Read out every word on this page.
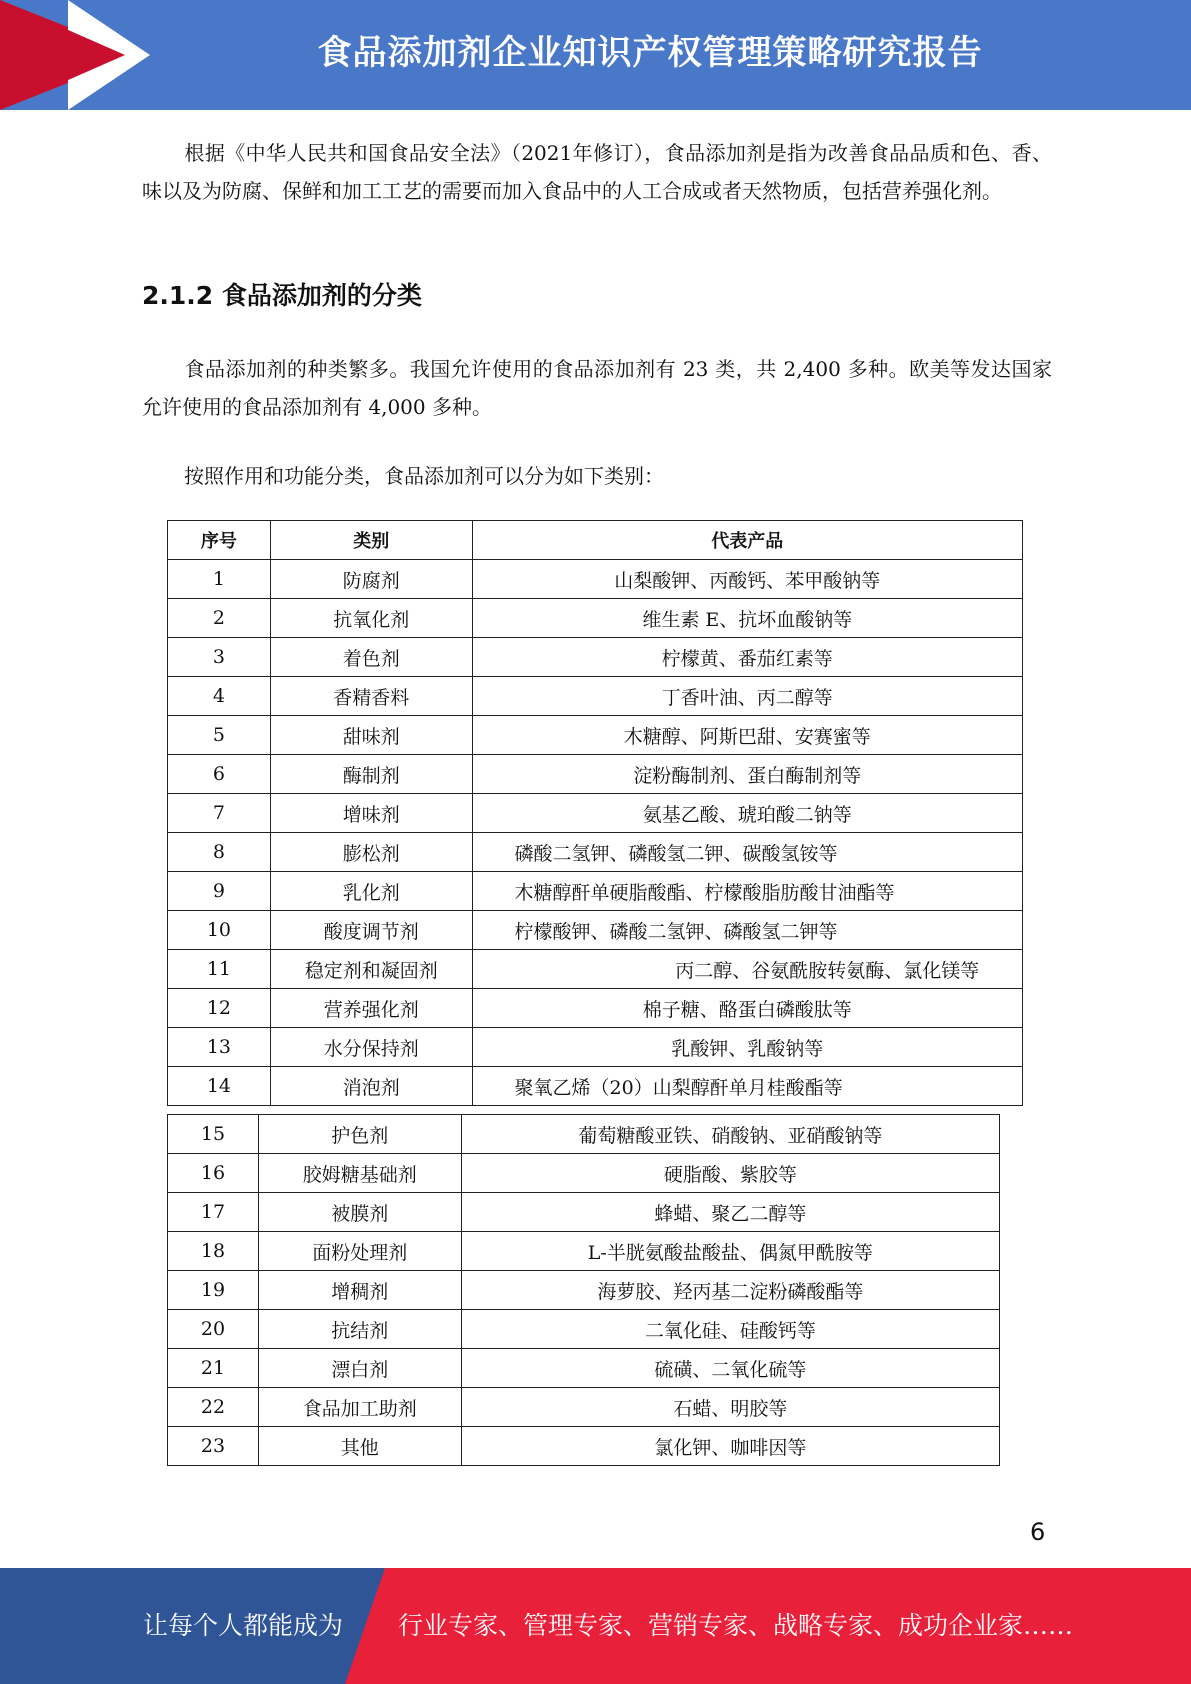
食品添加剂企业知识产权管理策略研究报告
根据《中华人民共和国食品安全法》（2021年修订），食品添加剂是指为改善食品品质和色、香、味以及为防腐、保鲜和加工工艺的需要而加入食品中的人工合成或者天然物质，包括营养强化剂。
2.1.2 食品添加剂的分类
食品添加剂的种类繁多。我国允许使用的食品添加剂有 23 类，共 2,400 多种。欧美等发达国家允许使用的食品添加剂有 4,000 多种。
按照作用和功能分类，食品添加剂可以分为如下类别：
序号	类别	代表产品
1	防腐剂	山梨酸钾、丙酸钙、苯甲酸钠等
2	抗氧化剂	维生素 E、抗坏血酸钠等
3	着色剂	柠檬黄、番茄红素等
4	香精香料	丁香叶油、丙二醇等
5	甜味剂	木糖醇、阿斯巴甜、安赛蜜等
6	酶制剂	淀粉酶制剂、蛋白酶制剂等
7	增味剂	氨基乙酸、琥珀酸二钠等
8	膨松剂	磷酸二氢钾、磷酸氢二钾、碳酸氢铵等
9	乳化剂	木糖醇酐单硬脂酸酯、柠檬酸脂肪酸甘油酯等
10	酸度调节剂	柠檬酸钾、磷酸二氢钾、磷酸氢二钾等
11	稳定剂和凝固剂	丙二醇、谷氨酰胺转氨酶、氯化镁等
12	营养强化剂	棉子糖、酪蛋白磷酸肽等
13	水分保持剂	乳酸钾、乳酸钠等
14	消泡剂	聚氧乙烯（20）山梨醇酐单月桂酸酯等
15	护色剂	葡萄糖酸亚铁、硝酸钠、亚硝酸钠等
16	胶姆糖基础剂	硬脂酸、紫胶等
17	被膜剂	蜂蜡、聚乙二醇等
18	面粉处理剂	L-半胱氨酸盐酸盐、偶氮甲酰胺等
19	增稠剂	海萝胶、羟丙基二淀粉磷酸酯等
20	抗结剂	二氧化硅、硅酸钙等
21	漂白剂	硫磺、二氧化硫等
22	食品加工助剂	石蜡、明胶等
23	其他	氯化钾、咖啡因等
6
让每个人都能成为 行业专家、管理专家、营销专家、战略专家、成功企业家……
